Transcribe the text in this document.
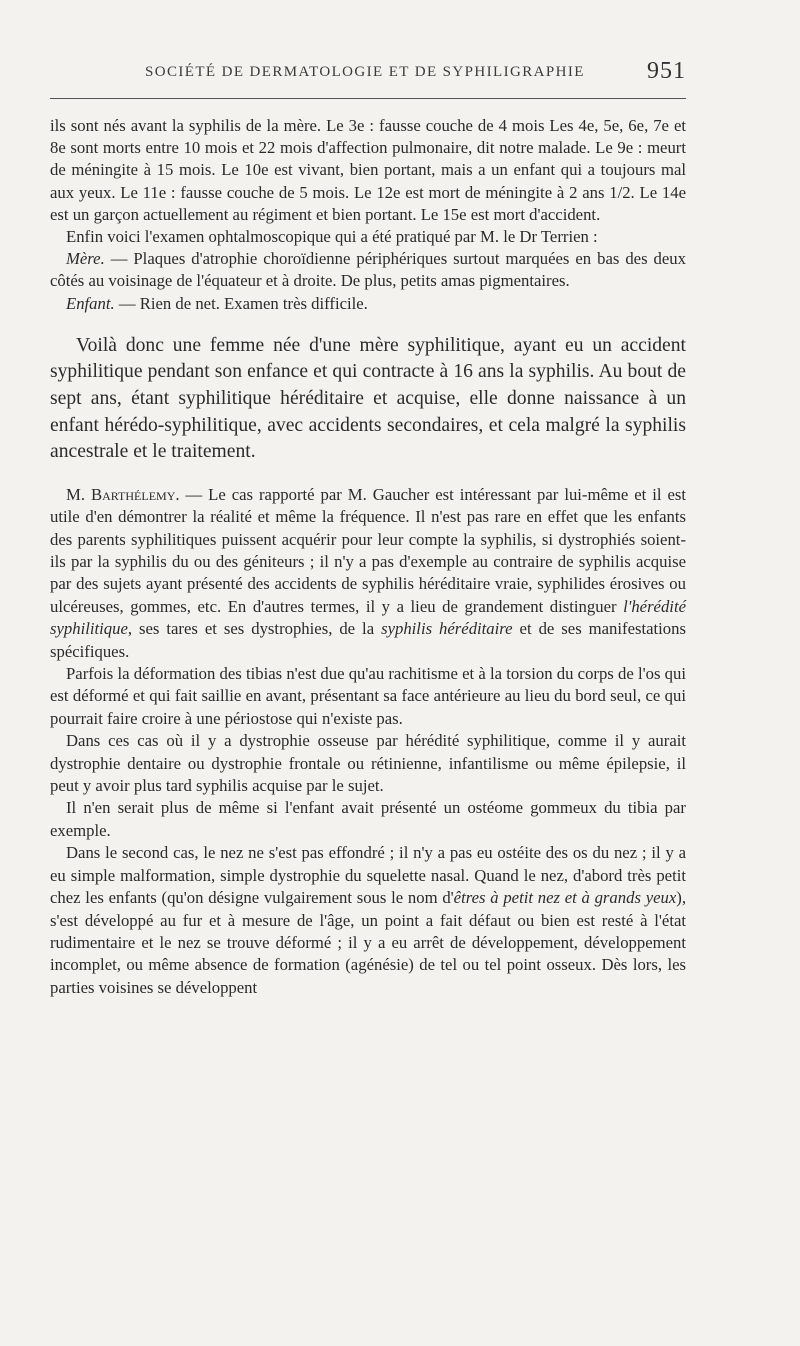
SOCIÉTÉ DE DERMATOLOGIE ET DE SYPHILIGRAPHIE	951

ils sont nés avant la syphilis de la mère. Le 3e : fausse couche de 4 mois Les 4e, 5e, 6e, 7e et 8e sont morts entre 10 mois et 22 mois d'affection pulmonaire, dit notre malade. Le 9e : meurt de méningite à 15 mois. Le 10e est vivant, bien portant, mais a un enfant qui a toujours mal aux yeux. Le 11e : fausse couche de 5 mois. Le 12e est mort de méningite à 2 ans 1/2. Le 14e est un garçon actuellement au régiment et bien portant. Le 15e est mort d'accident.

Enfin voici l'examen ophtalmoscopique qui a été pratiqué par M. le Dr Terrien :

Mère. — Plaques d'atrophie choroïdienne périphériques surtout marquées en bas des deux côtés au voisinage de l'équateur et à droite. De plus, petits amas pigmentaires.

Enfant. — Rien de net. Examen très difficile.

Voilà donc une femme née d'une mère syphilitique, ayant eu un accident syphilitique pendant son enfance et qui contracte à 16 ans la syphilis. Au bout de sept ans, étant syphilitique héréditaire et acquise, elle donne naissance à un enfant hérédo-syphilitique, avec accidents secondaires, et cela malgré la syphilis ancestrale et le traitement.

M. Barthélemy. — Le cas rapporté par M. Gaucher est intéressant par lui-même et il est utile d'en démontrer la réalité et même la fréquence. Il n'est pas rare en effet que les enfants des parents syphilitiques puissent acquérir pour leur compte la syphilis, si dystrophiés soient-ils par la syphilis du ou des géniteurs ; il n'y a pas d'exemple au contraire de syphilis acquise par des sujets ayant présenté des accidents de syphilis héréditaire vraie, syphilides érosives ou ulcéreuses, gommes, etc. En d'autres termes, il y a lieu de grandement distinguer l'hérédité syphilitique, ses tares et ses dystrophies, de la syphilis héréditaire et de ses manifestations spécifiques.

Parfois la déformation des tibias n'est due qu'au rachitisme et à la torsion du corps de l'os qui est déformé et qui fait saillie en avant, présentant sa face antérieure au lieu du bord seul, ce qui pourrait faire croire à une périostose qui n'existe pas.

Dans ces cas où il y a dystrophie osseuse par hérédité syphilitique, comme il y aurait dystrophie dentaire ou dystrophie frontale ou rétinienne, infantilisme ou même épilepsie, il peut y avoir plus tard syphilis acquise par le sujet.

Il n'en serait plus de même si l'enfant avait présenté un ostéome gommeux du tibia par exemple.

Dans le second cas, le nez ne s'est pas effondré ; il n'y a pas eu ostéite des os du nez ; il y a eu simple malformation, simple dystrophie du squelette nasal. Quand le nez, d'abord très petit chez les enfants (qu'on désigne vulgairement sous le nom d'êtres à petit nez et à grands yeux), s'est développé au fur et à mesure de l'âge, un point a fait défaut ou bien est resté à l'état rudimentaire et le nez se trouve déformé ; il y a eu arrêt de développement, développement incomplet, ou même absence de formation (agénésie) de tel ou tel point osseux. Dès lors, les parties voisines se développent
